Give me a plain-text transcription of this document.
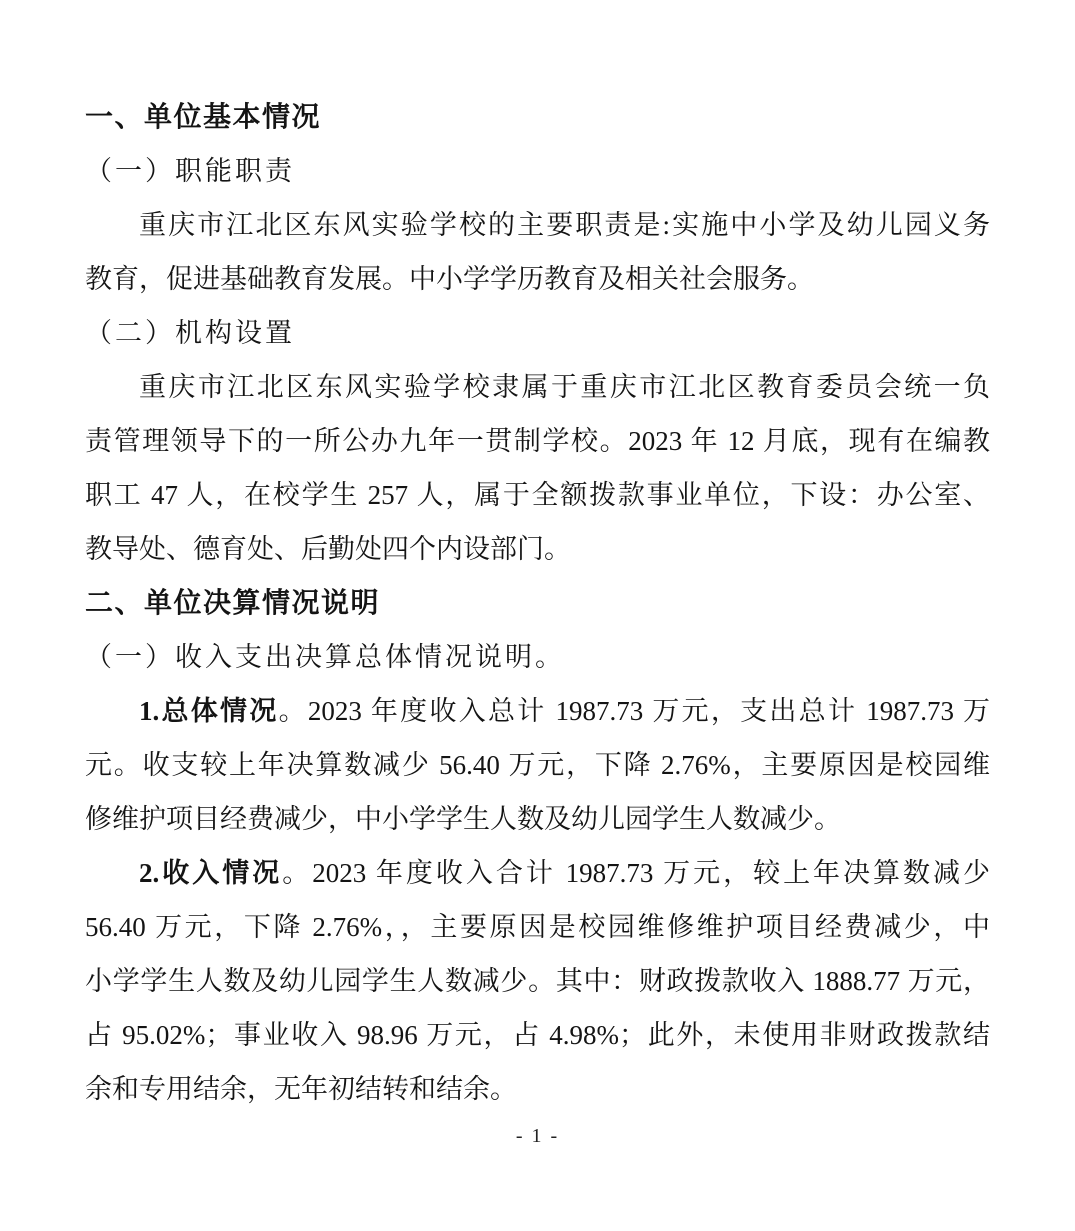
一、单位基本情况
（一）职能职责
重庆市江北区东风实验学校的主要职责是:实施中小学及幼儿园义务
教育，促进基础教育发展。中小学学历教育及相关社会服务。
（二）机构设置
重庆市江北区东风实验学校隶属于重庆市江北区教育委员会统一负
责管理领导下的一所公办九年一贯制学校。2023 年 12 月底，现有在编教
职工 47 人，在校学生 257 人，属于全额拨款事业单位，下设：办公室、
教导处、德育处、后勤处四个内设部门。
二、单位决算情况说明
（一）收入支出决算总体情况说明。
1.总体情况。2023 年度收入总计 1987.73 万元，支出总计 1987.73 万
元。收支较上年决算数减少 56.40 万元，下降 2.76%，主要原因是校园维
修维护项目经费减少，中小学学生人数及幼儿园学生人数减少。
2.收入情况。2023 年度收入合计 1987.73 万元，较上年决算数减少
56.40 万元，下降 2.76%，，主要原因是校园维修维护项目经费减少，中
小学学生人数及幼儿园学生人数减少。其中：财政拨款收入 1888.77 万元，
占 95.02%；事业收入 98.96 万元，占 4.98%；此外，未使用非财政拨款结
余和专用结余，无年初结转和结余。
- 1 -
